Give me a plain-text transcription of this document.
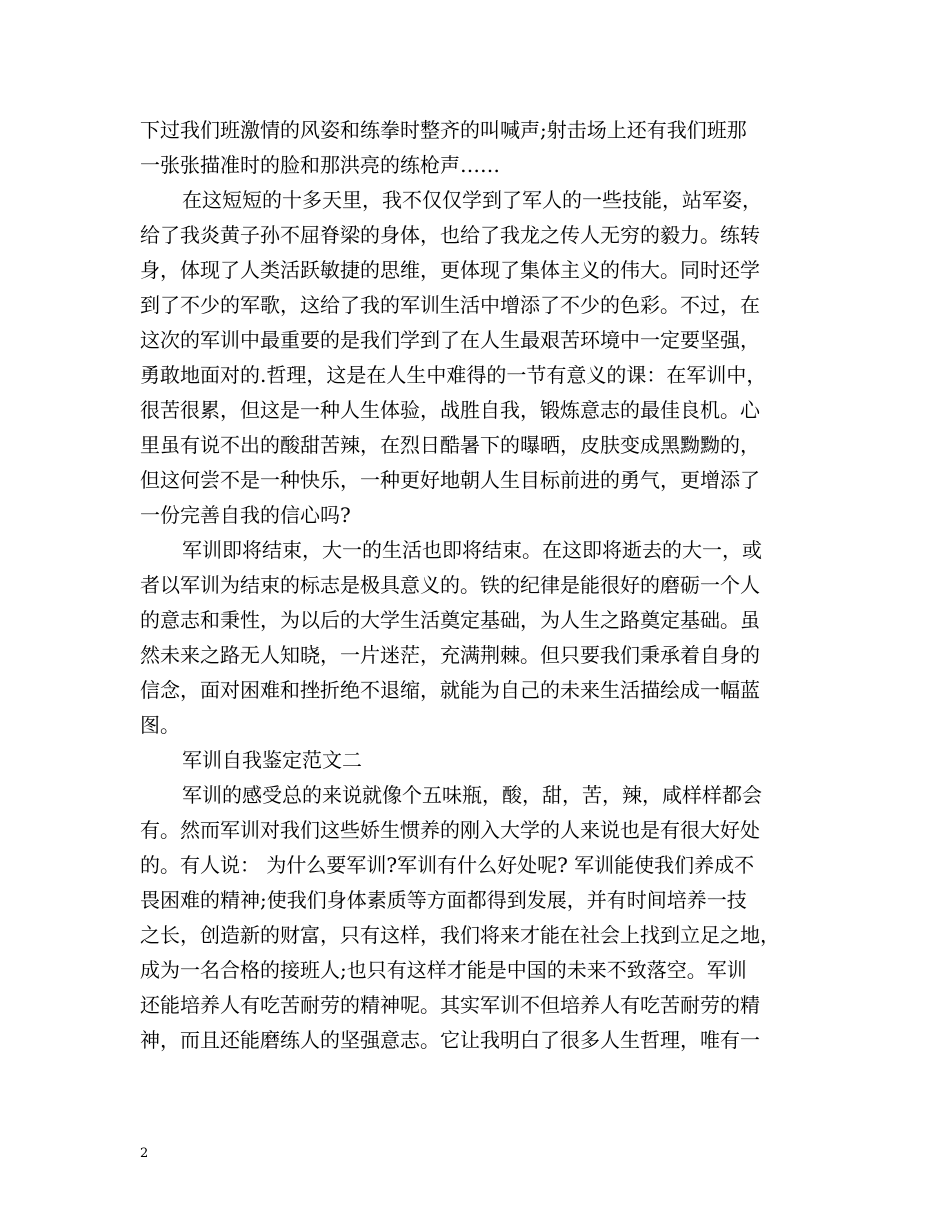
下过我们班激情的风姿和练拳时整齐的叫喊声;射击场上还有我们班那
一张张描准时的脸和那洪亮的练枪声……
在这短短的十多天里，我不仅仅学到了军人的一些技能，站军姿，
给了我炎黄子孙不屈脊梁的身体，也给了我龙之传人无穷的毅力。练转
身，体现了人类活跃敏捷的思维，更体现了集体主义的伟大。同时还学
到了不少的军歌，这给了我的军训生活中增添了不少的色彩。不过，在
这次的军训中最重要的是我们学到了在人生最艰苦环境中一定要坚强，
勇敢地面对的.哲理，这是在人生中难得的一节有意义的课：在军训中，
很苦很累，但这是一种人生体验，战胜自我，锻炼意志的最佳良机。心
里虽有说不出的酸甜苦辣，在烈日酷暑下的曝晒，皮肤变成黑黝黝的，
但这何尝不是一种快乐，一种更好地朝人生目标前进的勇气，更增添了
一份完善自我的信心吗?
军训即将结束，大一的生活也即将结束。在这即将逝去的大一，或
者以军训为结束的标志是极具意义的。铁的纪律是能很好的磨砺一个人
的意志和秉性，为以后的大学生活奠定基础，为人生之路奠定基础。虽
然未来之路无人知晓，一片迷茫，充满荆棘。但只要我们秉承着自身的
信念，面对困难和挫折绝不退缩，就能为自己的未来生活描绘成一幅蓝
图。
军训自我鉴定范文二
军训的感受总的来说就像个五味瓶，酸，甜，苦，辣，咸样样都会
有。然而军训对我们这些娇生惯养的刚入大学的人来说也是有很大好处
的。有人说： 为什么要军训?军训有什么好处呢? 军训能使我们养成不
畏困难的精神;使我们身体素质等方面都得到发展，并有时间培养一技
之长，创造新的财富，只有这样，我们将来才能在社会上找到立足之地，
成为一名合格的接班人;也只有这样才能是中国的未来不致落空。军训
还能培养人有吃苦耐劳的精神呢。其实军训不但培养人有吃苦耐劳的精
神，而且还能磨练人的坚强意志。它让我明白了很多人生哲理，唯有一
2
